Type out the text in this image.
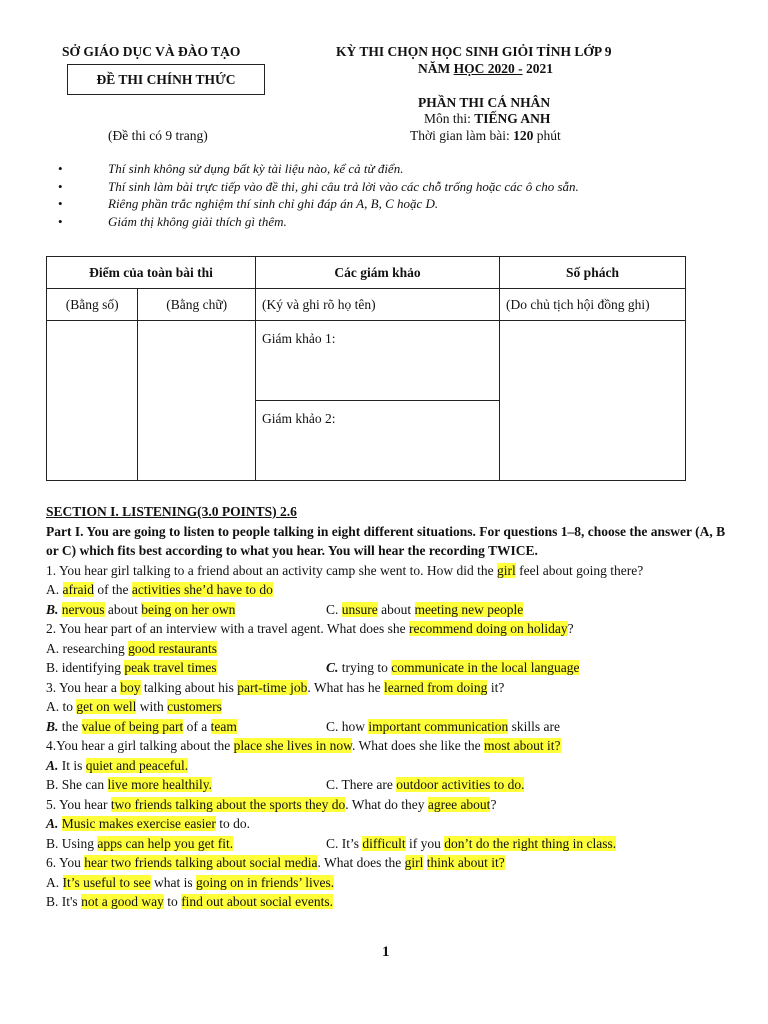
SỞ GIÁO DỤC VÀ ĐÀO TẠO
ĐỀ THI CHÍNH THỨC
(Đề thi có 9 trang)
KỲ THI CHỌN HỌC SINH GIỎI TỈNH LỚP 9
NĂM HỌC 2020 - 2021
PHẦN THI CÁ NHÂN
Môn thi: TIẾNG ANH
Thời gian làm bài: 120 phút
• Thí sinh không sử dụng bất kỳ tài liệu nào, kể cả từ điển.
• Thí sinh làm bài trực tiếp vào đề thi, ghi câu trả lời vào các chỗ trống hoặc các ô cho sẵn.
• Riêng phần trắc nghiệm thí sinh chỉ ghi đáp án A, B, C hoặc D.
• Giám thị không giải thích gì thêm.
Điểm của toàn bài thi		Các giám khảo	Số phách
(Bằng số)	(Bằng chữ)	(Ký và ghi rõ họ tên)	(Do chủ tịch hội đồng ghi)
		Giám khảo 1:	
		Giám khảo 2:	
SECTION I. LISTENING(3.0 POINTS) 2.6
Part I. You are going to listen to people talking in eight different situations. For questions 1–8, choose the answer (A, B or C) which fits best according to what you hear. You will hear the recording TWICE.
1. You hear girl talking to a friend about an activity camp she went to. How did the girl feel about going there?
A. afraid of the activities she’d have to do
B. nervous about being on her own	C. unsure about meeting new people
2. You hear part of an interview with a travel agent. What does she recommend doing on holiday?
A. researching good restaurants
B. identifying peak travel times	C. trying to communicate in the local language
3. You hear a boy talking about his part-time job. What has he learned from doing it?
A. to get on well with customers
B. the value of being part of a team	C. how important communication skills are
4.You hear a girl talking about the place she lives in now. What does she like the most about it?
A. It is quiet and peaceful.
B. She can live more healthily.	C. There are outdoor activities to do.
5. You hear two friends talking about the sports they do. What do they agree about?
A. Music makes exercise easier to do.
B. Using apps can help you get fit.	C. It’s difficult if you don’t do the right thing in class.
6. You hear two friends talking about social media. What does the girl think about it?
A. It’s useful to see what is going on in friends’ lives.
B. It's not a good way to find out about social events.
1
